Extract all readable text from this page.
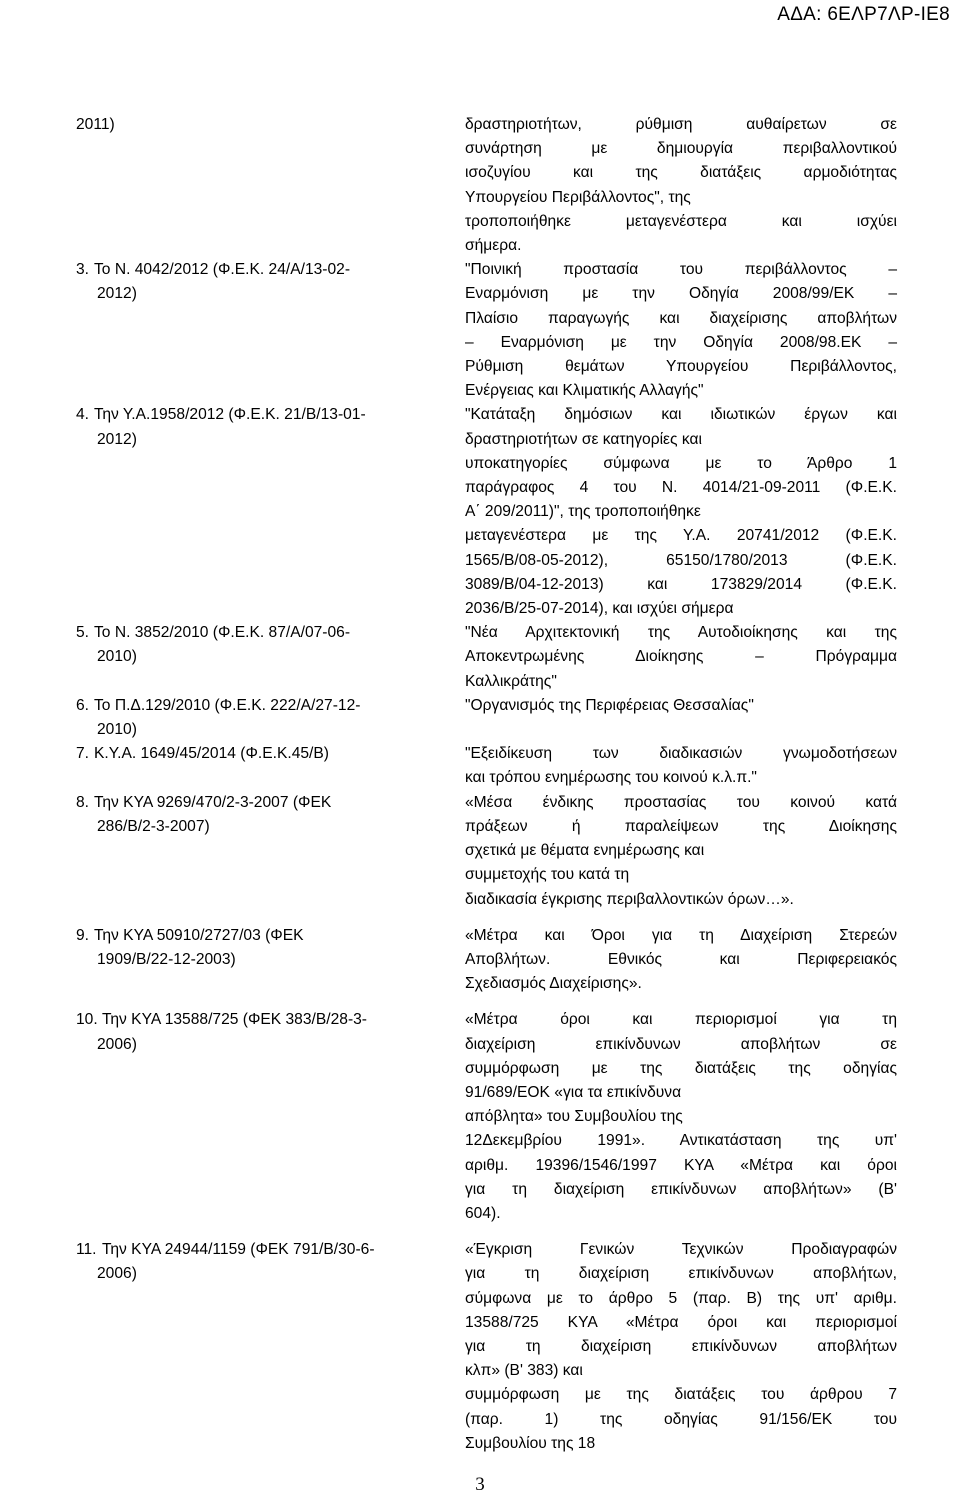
ΑΔΑ: 6ΕΛΡ7ΛΡ-ΙΕ8
2011)	δραστηριοτήτων, ρύθμιση αυθαίρετων σε
συνάρτηση με δημιουργία περιβαλλοντικού
ισοζυγίου και της διατάξεις αρμοδιότητας
Υπουργείου Περιβάλλοντος", της
τροποποιήθηκε μεταγενέστερα και ισχύει
σήμερα.
3. Το Ν. 4042/2012 (Φ.Ε.Κ. 24/Α/13-02-
2012)
"Ποινική προστασία του περιβάλλοντος –
Εναρμόνιση με την Οδηγία 2008/99/ΕΚ –
Πλαίσιο παραγωγής και διαχείρισης αποβλήτων
– Εναρμόνιση με την Οδηγία 2008/98.ΕΚ –
Ρύθμιση θεμάτων Υπουργείου Περιβάλλοντος,
Ενέργειας και Κλιματικής Αλλαγής"
4. Την Υ.Α.1958/2012 (Φ.Ε.Κ. 21/Β/13-01-
2012)
"Κατάταξη δημόσιων και ιδιωτικών έργων και
δραστηριοτήτων σε κατηγορίες και
υποκατηγορίες σύμφωνα με το Άρθρο 1
παράγραφος 4 του Ν. 4014/21-09-2011 (Φ.Ε.Κ.
Α΄ 209/2011)", της τροποποιήθηκε
μεταγενέστερα με της Υ.Α. 20741/2012 (Φ.Ε.Κ.
1565/Β/08-05-2012), 65150/1780/2013 (Φ.Ε.Κ.
3089/Β/04-12-2013) και 173829/2014 (Φ.Ε.Κ.
2036/Β/25-07-2014), και ισχύει σήμερα
5. Το Ν. 3852/2010 (Φ.Ε.Κ. 87/Α/07-06-
2010)
"Νέα Αρχιτεκτονική της Αυτοδιοίκησης και της
Αποκεντρωμένης Διοίκησης – Πρόγραμμα
Καλλικράτης"
6. Το Π.Δ.129/2010 (Φ.Ε.Κ. 222/Α/27-12-
2010)
"Οργανισμός της Περιφέρειας Θεσσαλίας"
7. Κ.Υ.Α. 1649/45/2014 (Φ.Ε.Κ.45/Β)	"Εξειδίκευση των διαδικασιών γνωμοδοτήσεων
και τρόπου ενημέρωσης του κοινού κ.λ.π."
8. Την ΚΥΑ 9269/470/2-3-2007 (ΦΕΚ
286/Β/2-3-2007)
«Μέσα ένδικης προστασίας του κοινού κατά
πράξεων ή παραλείψεων της Διοίκησης
σχετικά με θέματα ενημέρωσης και
συμμετοχής του κατά τη
διαδικασία έγκρισης περιβαλλοντικών όρων…».
9. Την ΚΥΑ 50910/2727/03 (ΦΕΚ
1909/Β/22-12-2003)
«Μέτρα και Όροι για τη Διαχείριση Στερεών
Αποβλήτων. Εθνικός και Περιφερειακός
Σχεδιασμός Διαχείρισης».
10. Την ΚΥΑ 13588/725 (ΦΕΚ 383/Β/28-3-
2006)
«Μέτρα όροι και περιορισμοί για τη
διαχείριση επικίνδυνων αποβλήτων σε
συμμόρφωση με της διατάξεις της οδηγίας
91/689/ΕΟΚ «για τα επικίνδυνα
απόβλητα» του Συμβουλίου της
12Δεκεμβρίου 1991». Αντικατάσταση της υπ'
αριθμ. 19396/1546/1997 ΚΥΑ «Μέτρα και όροι
για τη διαχείριση επικίνδυνων αποβλήτων» (Β'
604).
11. Την ΚΥΑ 24944/1159 (ΦΕΚ 791/Β/30-6-
2006)
«Έγκριση Γενικών Τεχνικών Προδιαγραφών
για τη διαχείριση επικίνδυνων αποβλήτων,
σύμφωνα με το άρθρο 5 (παρ. Β) της υπ' αριθμ.
13588/725 ΚΥΑ «Μέτρα όροι και περιορισμοί
για τη διαχείριση επικίνδυνων αποβλήτων
κλπ» (Β' 383) και
συμμόρφωση με της διατάξεις του άρθρου 7
(παρ. 1) της οδηγίας 91/156/ΕΚ του
Συμβουλίου της 18
3
